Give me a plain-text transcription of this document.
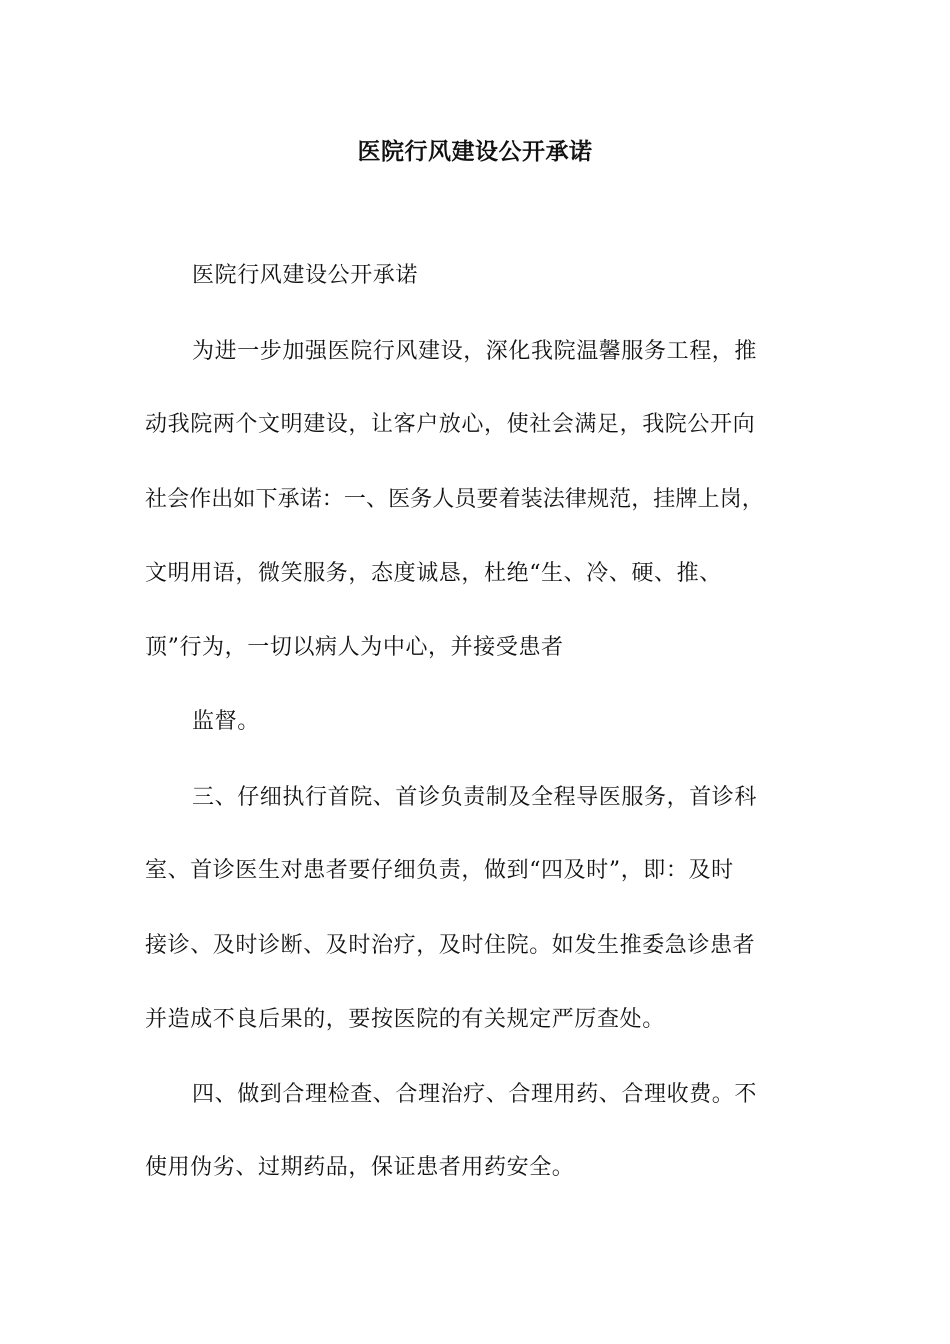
医院行风建设公开承诺
医院行风建设公开承诺
为进一步加强医院行风建设，深化我院温馨服务工程，推
动我院两个文明建设，让客户放心，使社会满足，我院公开向
社会作出如下承诺：一、医务人员要着装法律规范，挂牌上岗，
文明用语，微笑服务，态度诚恳，杜绝“生、冷、硬、推、
顶”行为，一切以病人为中心，并接受患者
监督。
三、仔细执行首院、首诊负责制及全程导医服务，首诊科
室、首诊医生对患者要仔细负责，做到“四及时”，即：及时
接诊、及时诊断、及时治疗，及时住院。如发生推委急诊患者
并造成不良后果的，要按医院的有关规定严厉查处。
四、做到合理检查、合理治疗、合理用药、合理收费。不
使用伪劣、过期药品，保证患者用药安全。
